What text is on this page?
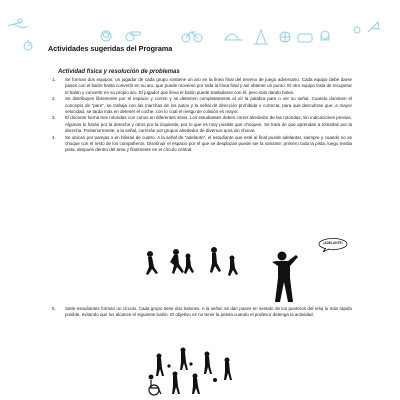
Actividades sugeridas del Programa
Actividad física y resolución de problemas
1. Se forman dos equipos; un jugador de cada grupo sostiene un aro en la línea final del terreno de juego adversario. Cada equipo debe darse pases con el balón hasta convertir en su aro, que puede moverse por toda la línea final y así obtener un punto. El otro equipo trata de recuperar el balón y convertir en su propio aro. El jugador que lleva el balón puede trasladarse con él, pero solo dando botes.
2. Se distribuyen libremente por el espacio y corren y se detienen completamente al oír la palabra pare o ver su señal. Cuando dominen el concepto de "pare", se trabaja con las marchas de los autos y la señal de dirección prohibida o correcta, para que descubran que, a mayor velocidad, se tarda más en detener el coche, con lo cual el riesgo de colisión es mayor.
3. El docente forma tres rotondas con conos en diferentes sitios. Los estudiantes deben correr alrededor de las rotondas, sin indicaciones previas. Algunos lo harán por la derecha y otros por la izquierda, por lo que es muy posible que choquen. Se trata de que aprendan a tomarlas por la derecha. Posteriormente, a la señal, correrán por grupos alrededor de diversos aros sin chocar.
4. Se ubican por parejas o en hileras de cuatro. A la señal de "adelante", el estudiante que esté al final puede adelantar, siempre y cuando no se choque con el resto de los compañeros. Disminuir el espacio por el que se desplazan puede ser la variante: primero toda la pista, luego media pista, después dentro del área y finalmente en el círculo central.
¡ADELANTE!

5. Siete estudiantes forman un círculo. Cada grupo tiene dos balones. A la señal, se dan pases en sentido de los punteros del reloj lo más rápido posible, evitando que los alcance el siguiente balón. El objetivo es no tener la pelota cuando el profesor detenga la actividad.
